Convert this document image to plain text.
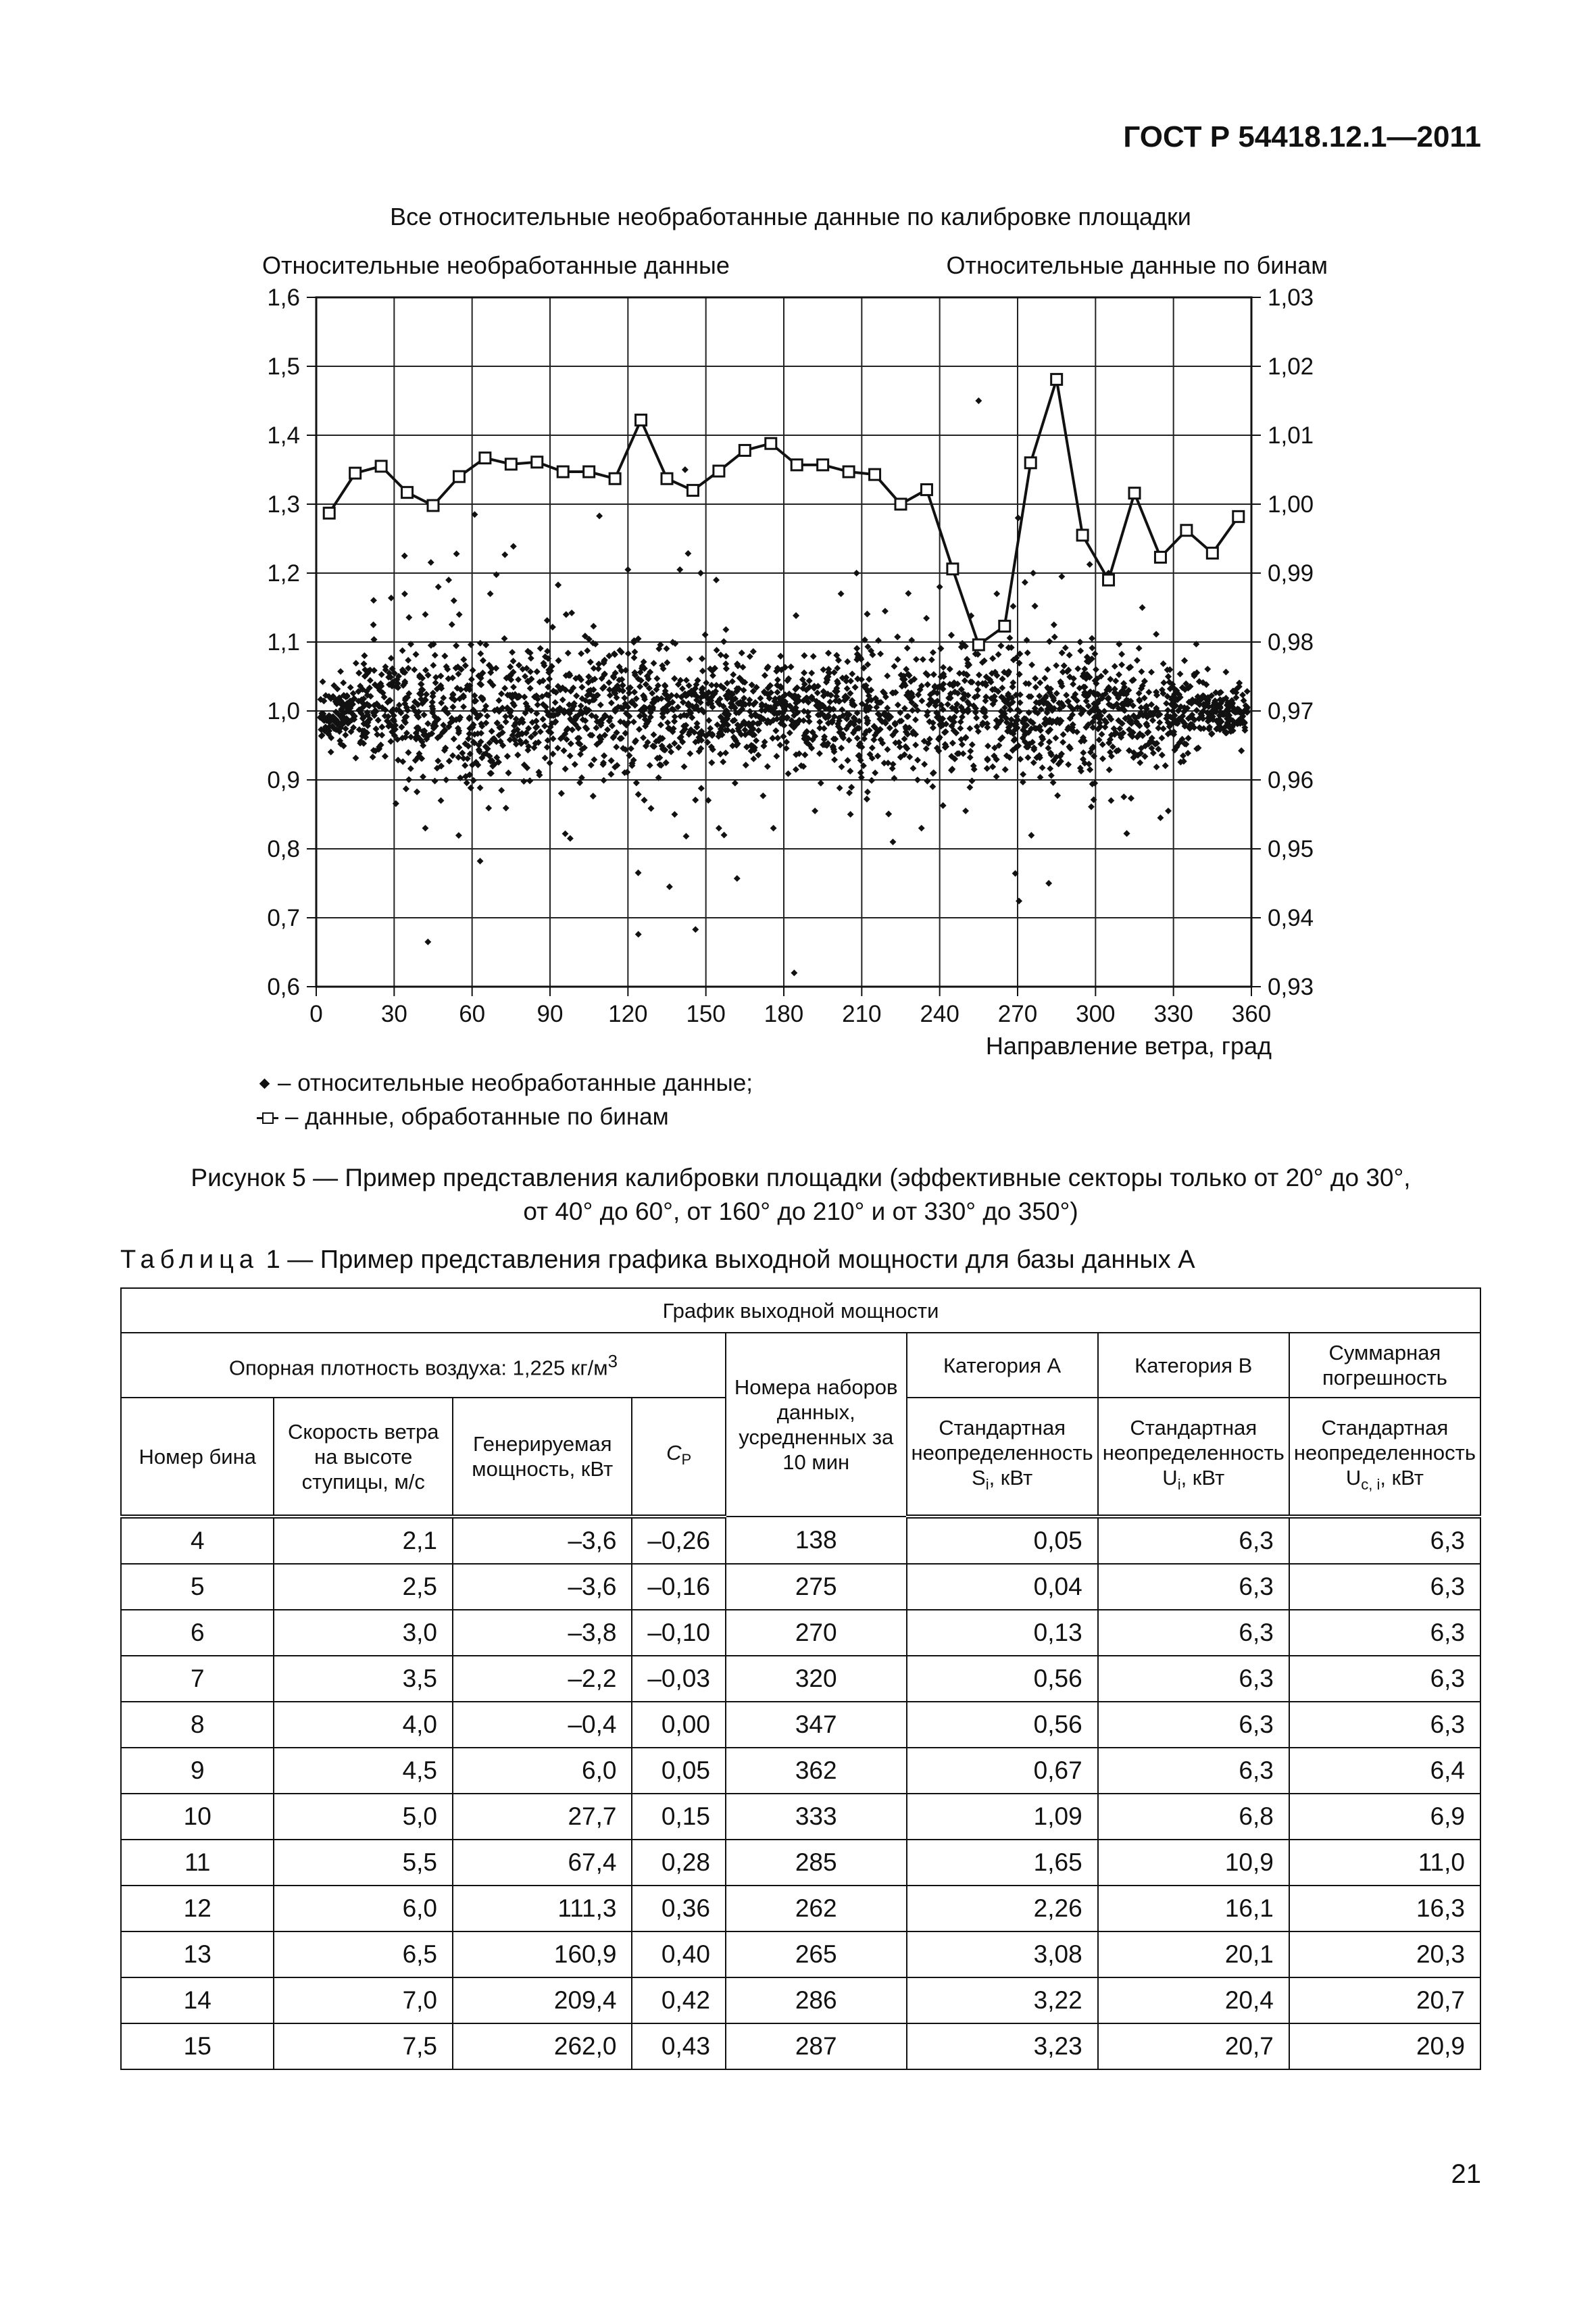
ГОСТ Р 54418.12.1—2011
0 30 60 90 120 150 180 210 240 270 300 330 360
1,6	1,03
1,5	1,02
1,4	1,01
1,3	1,00
1,2	0,99
1,1	0,98
1,0	0,97
0,9	0,96
0,8	0,95
0,7	0,94
0,6	0,93
Все относительные необработанные данные по калибровке площадки
Относительные необработанные данные	Относительные данные по бинам
Направление ветра, град
– относительные необработанные данные;
– данные, обработанные по бинам
Рисунок 5 — Пример представления калибровки площадки (эффективные секторы только от 20° до 30°,
от 40° до 60°, от 160° до 210° и от 330° до 350°)
Таблица 1 — Пример представления графика выходной мощности для базы данных А
График выходной мощности							
Опорная плотность воздуха: 1,225 $кг/м^3$				Номера наборов данных, усредненных за 10 мин	Категория А	Категория В	Суммарная погрешность
Номер бина	Скорость ветра на высоте ступицы, м/с	Генерируемая мощность, кВт	$C_P$		Стандартная неопределенность $S_i$, кВт	Стандартная неопределенность $U_i$, кВт	Стандартная неопределенность $U_{c, i}$, кВт
4	2,1	–3,6	–0,26	138	0,05	6,3	6,3
5	2,5	–3,6	–0,16	275	0,04	6,3	6,3
6	3,0	–3,8	–0,10	270	0,13	6,3	6,3
7	3,5	–2,2	–0,03	320	0,56	6,3	6,3
8	4,0	–0,4	0,00	347	0,56	6,3	6,3
9	4,5	6,0	0,05	362	0,67	6,3	6,4
10	5,0	27,7	0,15	333	1,09	6,8	6,9
11	5,5	67,4	0,28	285	1,65	10,9	11,0
12	6,0	111,3	0,36	262	2,26	16,1	16,3
13	6,5	160,9	0,40	265	3,08	20,1	20,3
14	7,0	209,4	0,42	286	3,22	20,4	20,7
15	7,5	262,0	0,43	287	3,23	20,7	20,9
21
